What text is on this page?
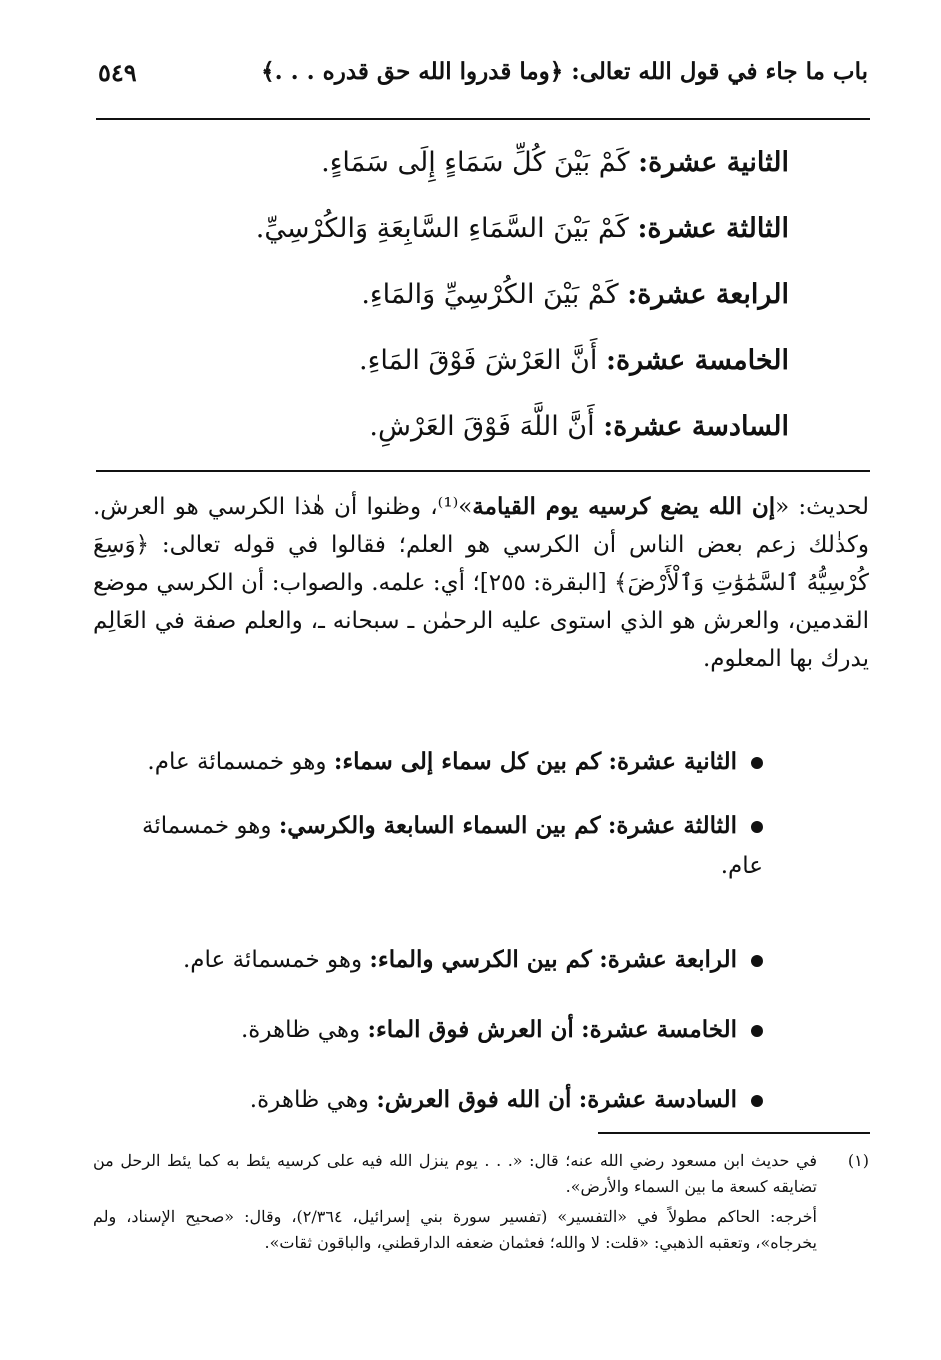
باب ما جاء في قول الله تعالى: ﴿وما قدروا الله حق قدره . . .﴾
٥٤٩
الثانية عشرة: كَمْ بَيْنَ كُلِّ سَمَاءٍ إِلَى سَمَاءٍ.
الثالثة عشرة: كَمْ بَيْنَ السَّمَاءِ السَّابِعَةِ وَالكُرْسِيِّ.
الرابعة عشرة: كَمْ بَيْنَ الكُرْسِيِّ وَالمَاءِ.
الخامسة عشرة: أَنَّ العَرْشَ فَوْقَ المَاءِ.
السادسة عشرة: أَنَّ اللَّهَ فَوْقَ العَرْشِ.
لحديث: «إن الله يضع كرسيه يوم القيامة»⁽¹⁾، وظنوا أن هٰذا الكرسي هو العرش. وكذٰلك زعم بعض الناس أن الكرسي هو العلم؛ فقالوا في قوله تعالى: ﴿وَسِعَ كُرْسِيُّهُ ٱلسَّمَٰوَٰتِ وَٱلْأَرْضَ﴾ [البقرة: ٢٥٥]؛ أي: علمه. والصواب: أن الكرسي موضع القدمين، والعرش هو الذي استوى عليه الرحمٰن ـ سبحانه ـ، والعلم صفة في العَالِم يدرك بها المعلوم.
الثانية عشرة: كم بين كل سماء إلى سماء: وهو خمسمائة عام.
الثالثة عشرة: كم بين السماء السابعة والكرسي: وهو خمسمائة عام.
الرابعة عشرة: كم بين الكرسي والماء: وهو خمسمائة عام.
الخامسة عشرة: أن العرش فوق الماء: وهي ظاهرة.
السادسة عشرة: أن الله فوق العرش: وهي ظاهرة.
(١)

في حديث ابن مسعود رضي الله عنه؛ قال: «. . . يوم ينزل الله فيه على كرسيه يئط به كما يئط الرحل من تضايقه كسعة ما بين السماء والأرض».

أخرجه: الحاكم مطولاً في «التفسير» (تفسير سورة بني إسرائيل، ٢/٣٦٤)، وقال: «صحيح الإسناد، ولم يخرجاه»، وتعقبه الذهبي: «قلت: لا والله؛ فعثمان ضعفه الدارقطني، والباقون ثقات».
